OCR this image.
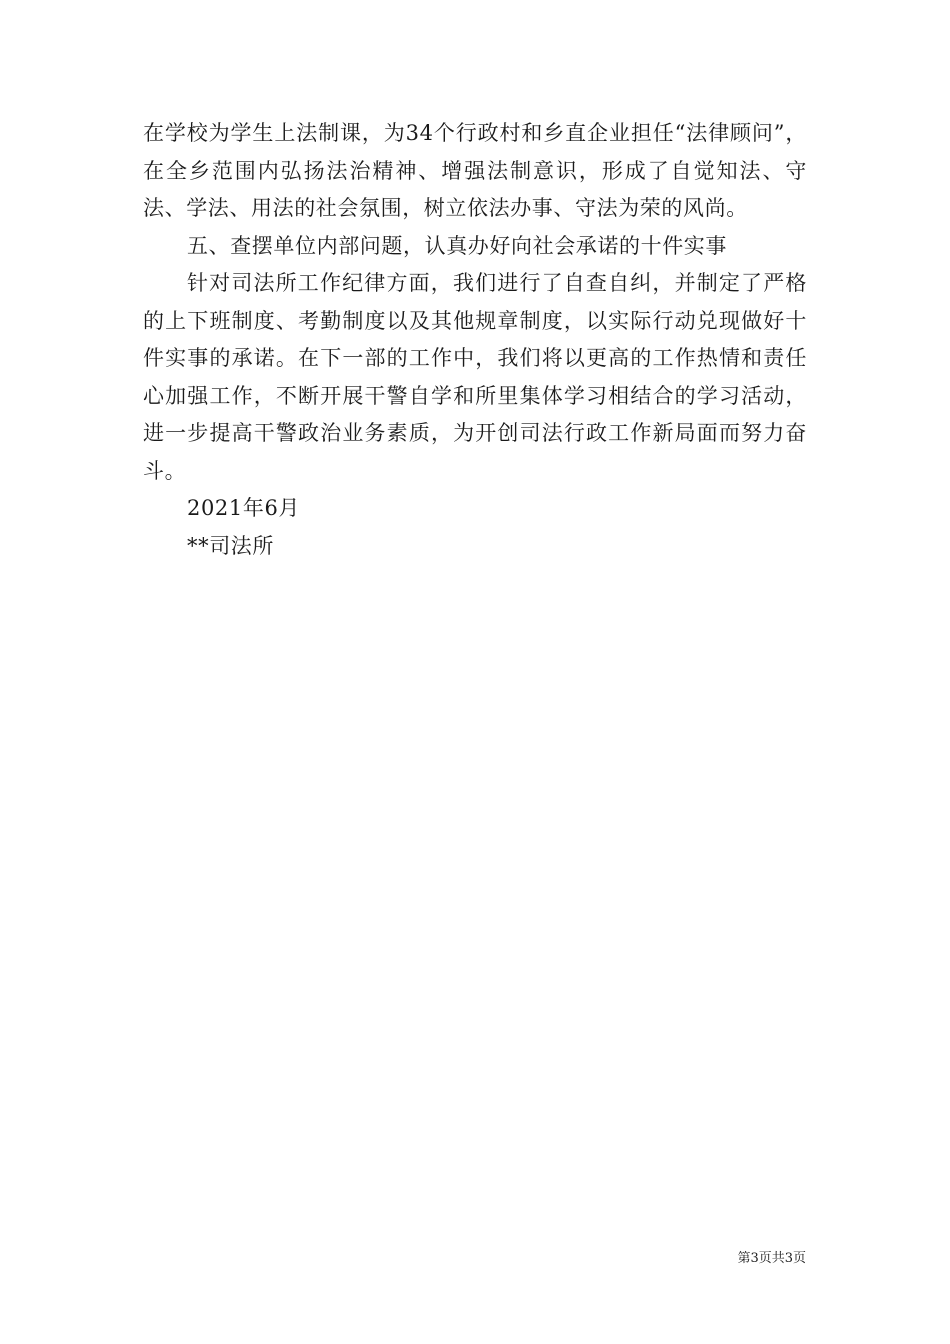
在学校为学生上法制课，为34个行政村和乡直企业担任“法律顾问”，在全乡范围内弘扬法治精神、增强法制意识，形成了自觉知法、守法、学法、用法的社会氛围，树立依法办事、守法为荣的风尚。

五、查摆单位内部问题，认真办好向社会承诺的十件实事

针对司法所工作纪律方面，我们进行了自查自纠，并制定了严格的上下班制度、考勤制度以及其他规章制度，以实际行动兑现做好十件实事的承诺。在下一部的工作中，我们将以更高的工作热情和责任心加强工作，不断开展干警自学和所里集体学习相结合的学习活动，进一步提高干警政治业务素质，为开创司法行政工作新局面而努力奋斗。

2021年6月

**司法所

第3页共3页
